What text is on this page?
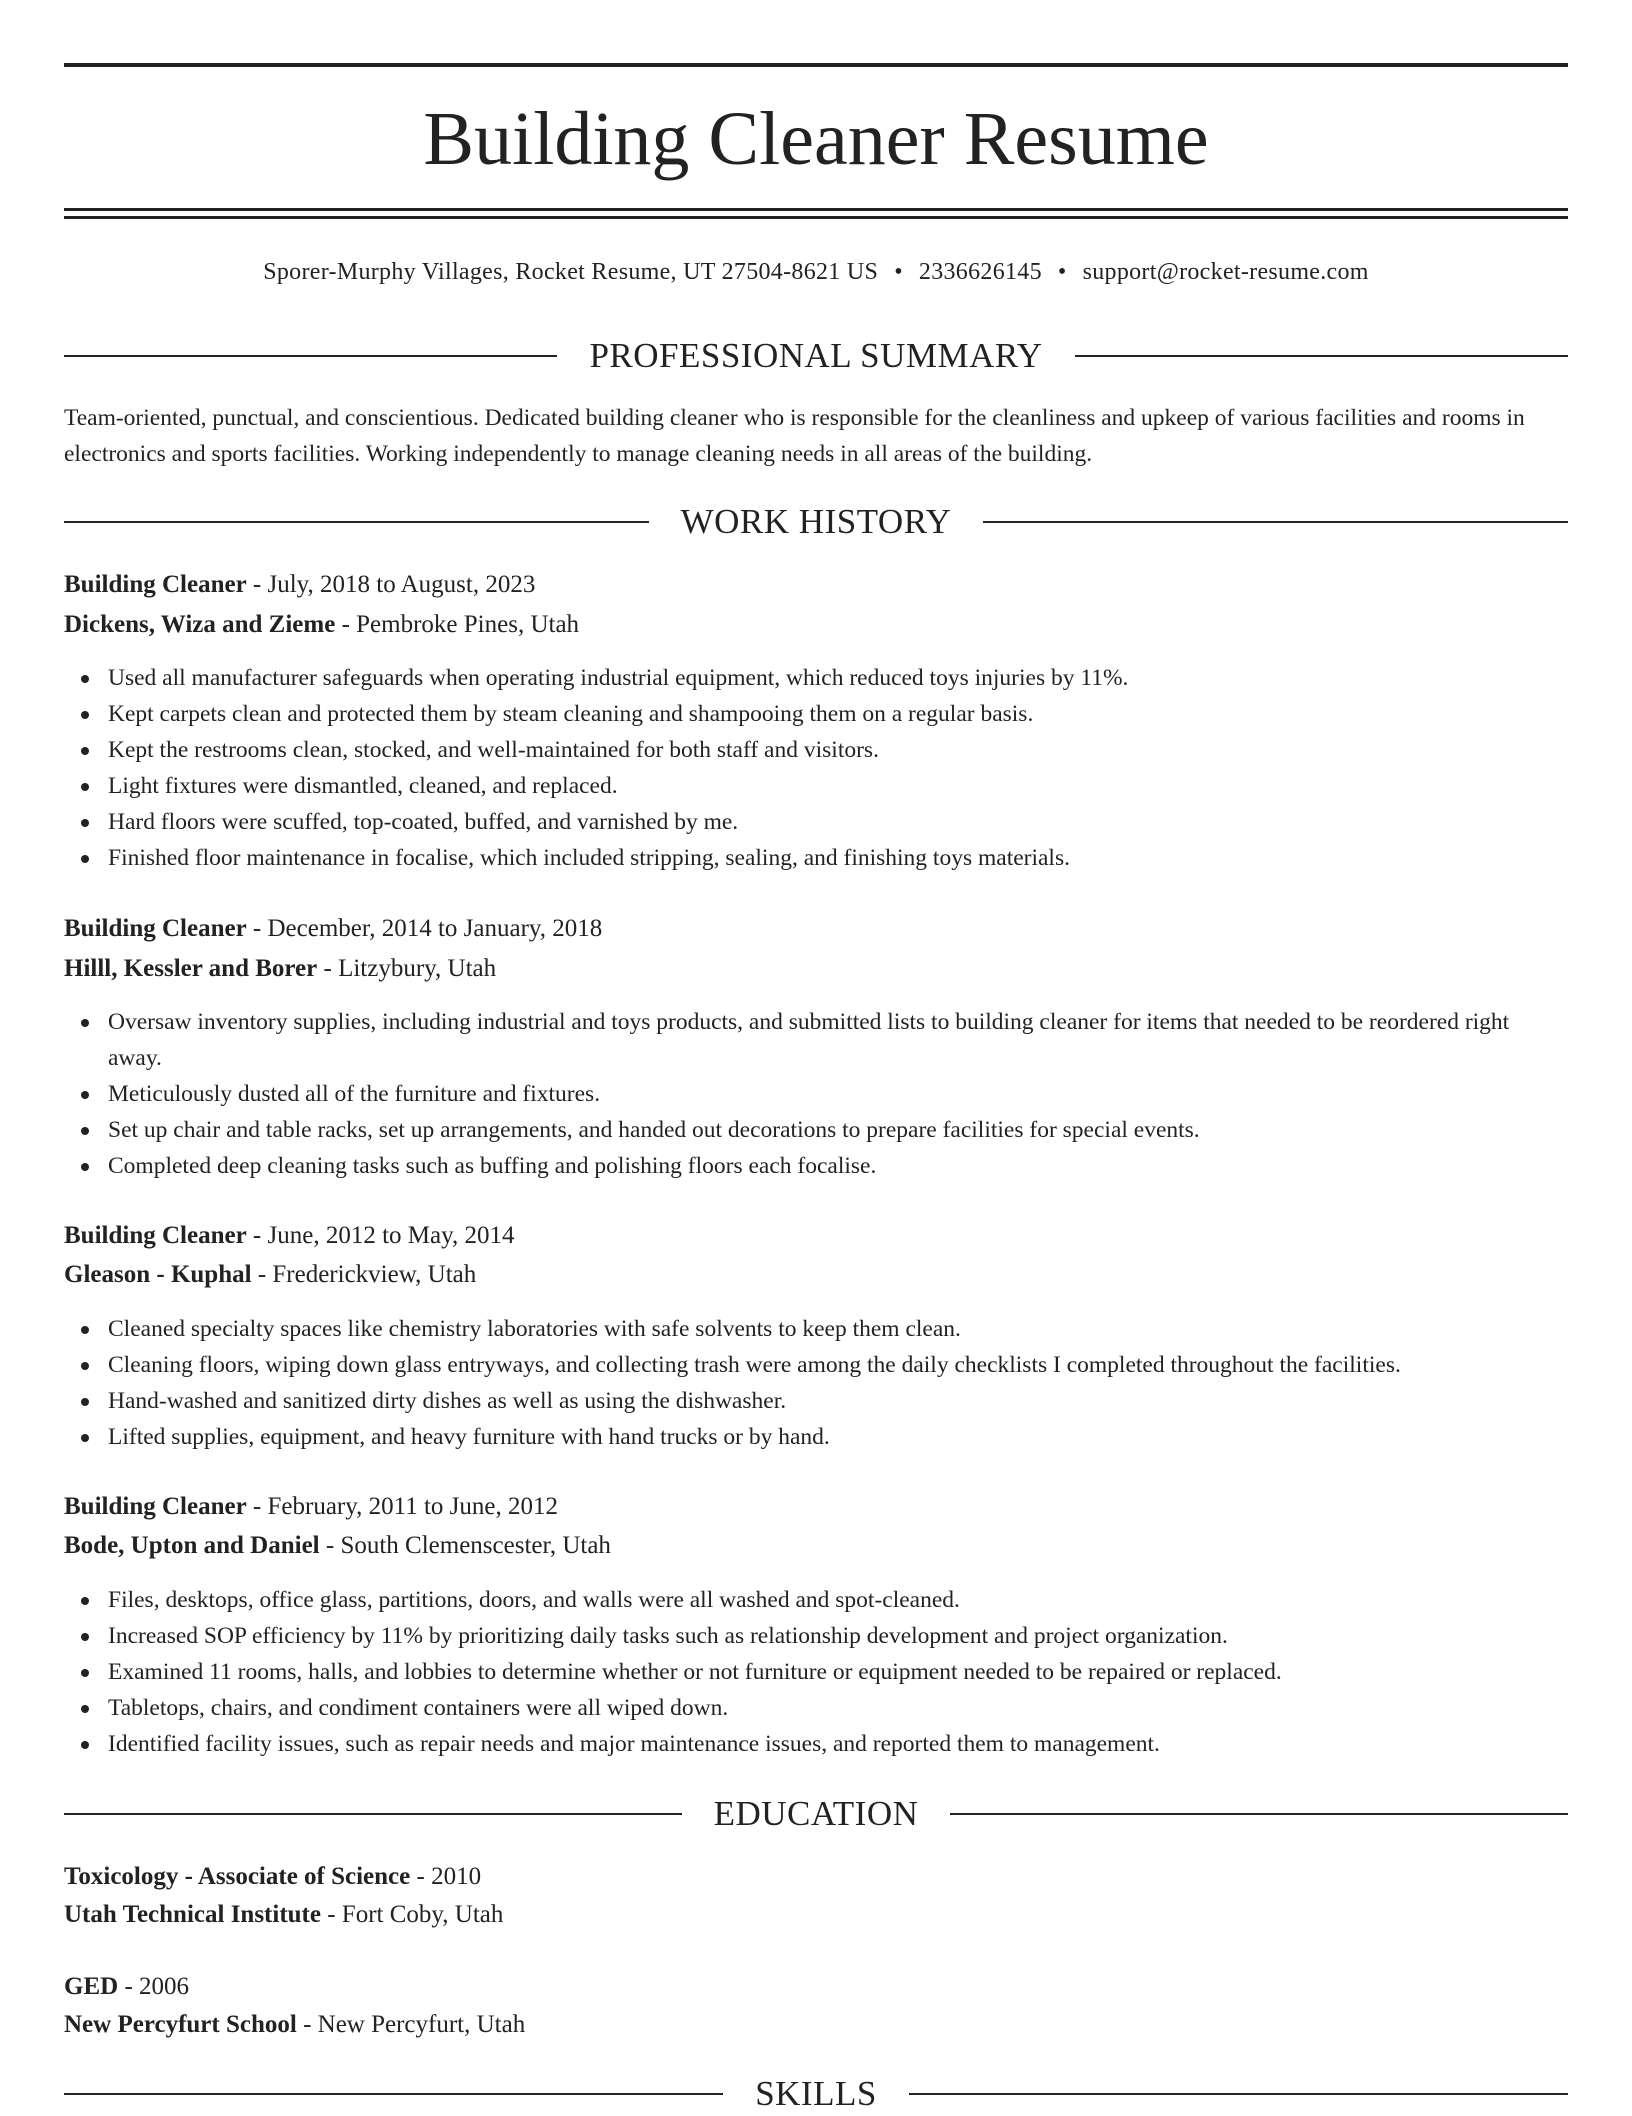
Building Cleaner Resume
Sporer-Murphy Villages, Rocket Resume, UT 27504-8621 US • 2336626145 • support@rocket-resume.com
PROFESSIONAL SUMMARY
Team-oriented, punctual, and conscientious. Dedicated building cleaner who is responsible for the cleanliness and upkeep of various facilities and rooms in electronics and sports facilities. Working independently to manage cleaning needs in all areas of the building.
WORK HISTORY
Building Cleaner - July, 2018 to August, 2023
Dickens, Wiza and Zieme - Pembroke Pines, Utah
Used all manufacturer safeguards when operating industrial equipment, which reduced toys injuries by 11%.
Kept carpets clean and protected them by steam cleaning and shampooing them on a regular basis.
Kept the restrooms clean, stocked, and well-maintained for both staff and visitors.
Light fixtures were dismantled, cleaned, and replaced.
Hard floors were scuffed, top-coated, buffed, and varnished by me.
Finished floor maintenance in focalise, which included stripping, sealing, and finishing toys materials.
Building Cleaner - December, 2014 to January, 2018
Hilll, Kessler and Borer - Litzybury, Utah
Oversaw inventory supplies, including industrial and toys products, and submitted lists to building cleaner for items that needed to be reordered right away.
Meticulously dusted all of the furniture and fixtures.
Set up chair and table racks, set up arrangements, and handed out decorations to prepare facilities for special events.
Completed deep cleaning tasks such as buffing and polishing floors each focalise.
Building Cleaner - June, 2012 to May, 2014
Gleason - Kuphal - Frederickview, Utah
Cleaned specialty spaces like chemistry laboratories with safe solvents to keep them clean.
Cleaning floors, wiping down glass entryways, and collecting trash were among the daily checklists I completed throughout the facilities.
Hand-washed and sanitized dirty dishes as well as using the dishwasher.
Lifted supplies, equipment, and heavy furniture with hand trucks or by hand.
Building Cleaner - February, 2011 to June, 2012
Bode, Upton and Daniel - South Clemenscester, Utah
Files, desktops, office glass, partitions, doors, and walls were all washed and spot-cleaned.
Increased SOP efficiency by 11% by prioritizing daily tasks such as relationship development and project organization.
Examined 11 rooms, halls, and lobbies to determine whether or not furniture or equipment needed to be repaired or replaced.
Tabletops, chairs, and condiment containers were all wiped down.
Identified facility issues, such as repair needs and major maintenance issues, and reported them to management.
EDUCATION
Toxicology - Associate of Science - 2010
Utah Technical Institute - Fort Coby, Utah
GED - 2006
New Percyfurt School - New Percyfurt, Utah
SKILLS
